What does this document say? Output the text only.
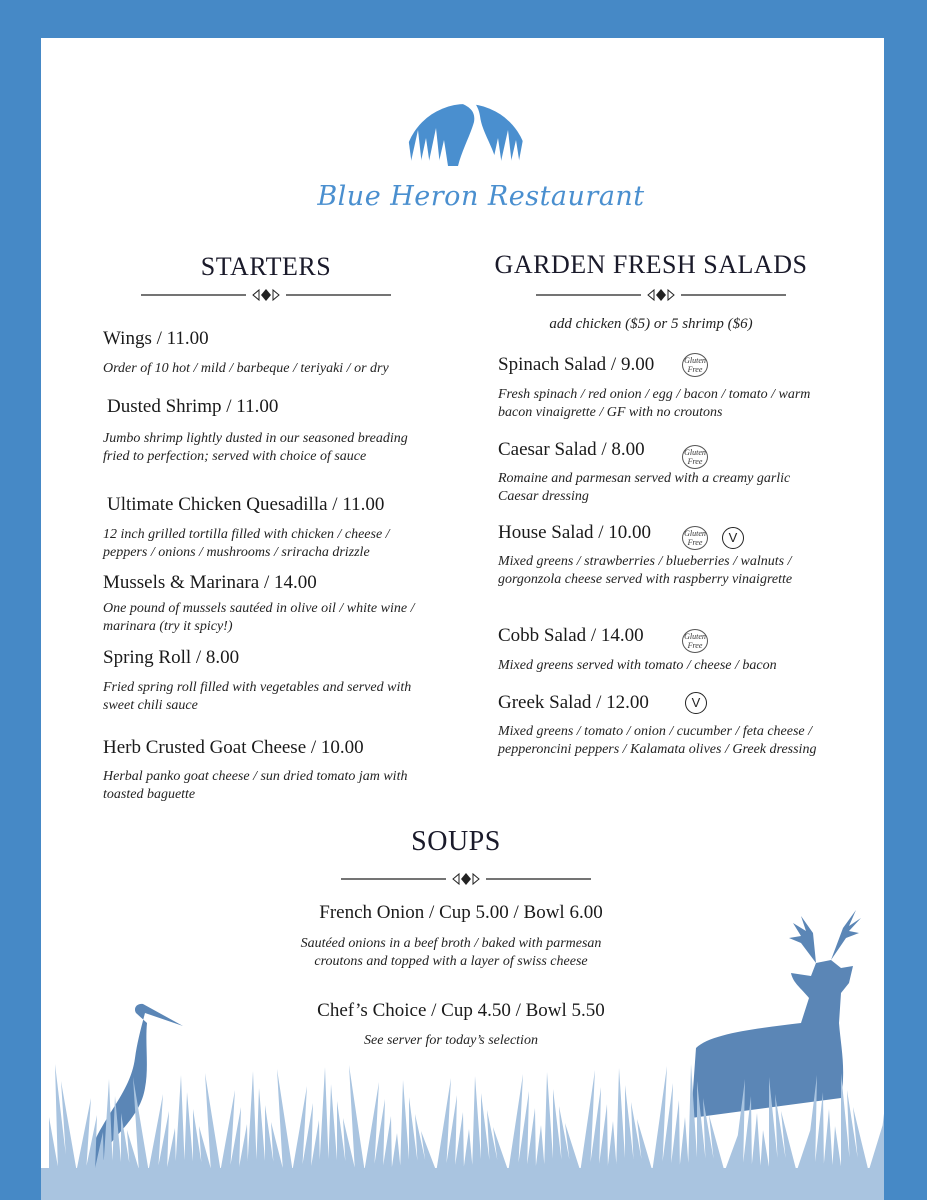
Blue Heron Restaurant
STARTERS	GARDEN FRESH SALADS
SOUPS
Wings / 11.00
Order of 10 hot / mild / barbeque / teriyaki / or dry
Dusted Shrimp / 11.00
Jumbo shrimp lightly dusted in our seasoned breading fried to perfection; served with choice of sauce
Ultimate Chicken Quesadilla / 11.00
12 inch grilled tortilla filled with chicken / cheese / peppers / onions / mushrooms / sriracha drizzle
Mussels & Marinara / 14.00
One pound of mussels sautéed in olive oil / white wine / marinara (try it spicy!)
Spring Roll / 8.00
Fried spring roll filled with vegetables and served with sweet chili sauce
Herb Crusted Goat Cheese / 10.00
Herbal panko goat cheese / sun dried tomato jam with toasted baguette
add chicken ($5) or 5 shrimp ($6)
Spinach Salad / 9.00	Gluten Free
Fresh spinach / red onion / egg / bacon / tomato / warm bacon vinaigrette / GF with no croutons
Caesar Salad / 8.00	Gluten Free
Romaine and parmesan served with a creamy garlic Caesar dressing
House Salad / 10.00	Gluten Free	V
Mixed greens / strawberries / blueberries / walnuts / gorgonzola cheese served with raspberry vinaigrette
Cobb Salad / 14.00	Gluten Free
Mixed greens served with tomato / cheese / bacon
Greek Salad / 12.00	V
Mixed greens / tomato / onion / cucumber / feta cheese / pepperoncini peppers / Kalamata olives / Greek dressing
French Onion / Cup 5.00 / Bowl 6.00
Sautéed onions in a beef broth / baked with parmesan croutons and topped with a layer of swiss cheese
Chef’s Choice / Cup 4.50 / Bowl 5.50
See server for today’s selection
